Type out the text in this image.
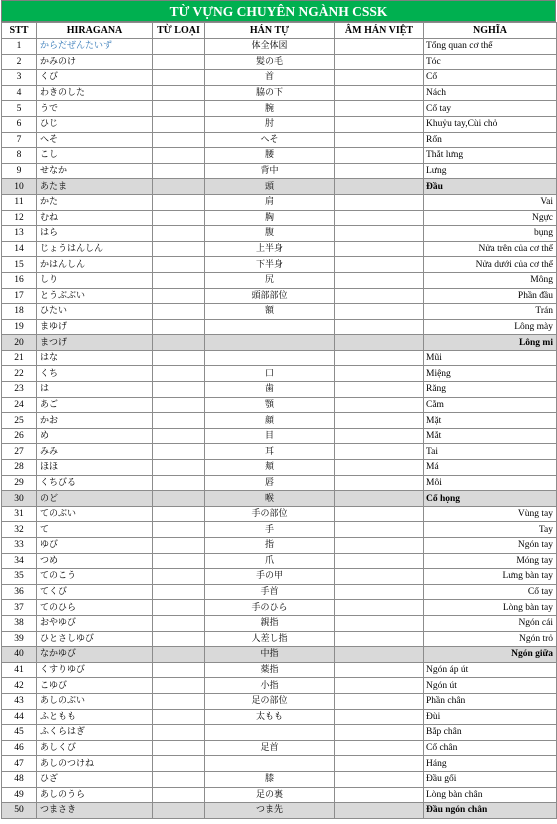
TỪ VỰNG CHUYÊN NGÀNH CSSK
STT	HIRAGANA	TỪ LOẠI	HÁN TỰ	ÂM HÁN VIỆT	NGHĨA
1	からだぜんたいず		体全体図		Tổng quan cơ thể
2	かみのけ		髪の毛		Tóc
3	くび		首		Cổ
4	わきのした		脇の下		Nách
5	うで		腕		Cổ tay
6	ひじ		肘		Khuỷu tay,Cùi chỏ
7	へそ		へそ		Rốn
8	こし		腰		Thắt lưng
9	せなか		背中		Lưng
10	あたま		頭		Đầu
11	かた		肩		Vai
12	むね		胸		Ngực
13	はら		腹		bụng
14	じょうはんしん		上半身		Nửa trên của cơ thể
15	かはんしん		下半身		Nửa dưới của cơ thể
16	しり		尻		Mông
17	とうぶぶい		頭部部位		Phần đầu
18	ひたい		額		Trán
19	まゆげ				Lông mày
20	まつげ				Lông mi
21	はな				Mũi
22	くち		口		Miệng
23	は		歯		Răng
24	あご		顎		Cằm
25	かお		顔		Mặt
26	め		目		Mắt
27	みみ		耳		Tai
28	ほほ		頬		Má
29	くちびる		唇		Môi
30	のど		喉		Cổ họng
31	てのぶい		手の部位		Vùng tay
32	て		手		Tay
33	ゆび		指		Ngón tay
34	つめ		爪		Móng tay
35	てのこう		手の甲		Lưng bàn tay
36	てくび		手首		Cổ tay
37	てのひら		手のひら		Lòng bàn tay
38	おやゆび		親指		Ngón cái
39	ひとさしゆび		人差し指		Ngón trỏ
40	なかゆび		中指		Ngón giữa
41	くすりゆび		薬指		Ngón áp út
42	こゆび		小指		Ngón út
43	あしのぶい		足の部位		Phần chân
44	ふともも		太もも		Đùi
45	ふくらはぎ				Bắp chân
46	あしくび		足首		Cổ chân
47	あしのつけね				Háng
48	ひざ		膝		Đầu gối
49	あしのうら		足の裏		Lòng bàn chân
50	つまさき		つま先		Đầu ngón chân
